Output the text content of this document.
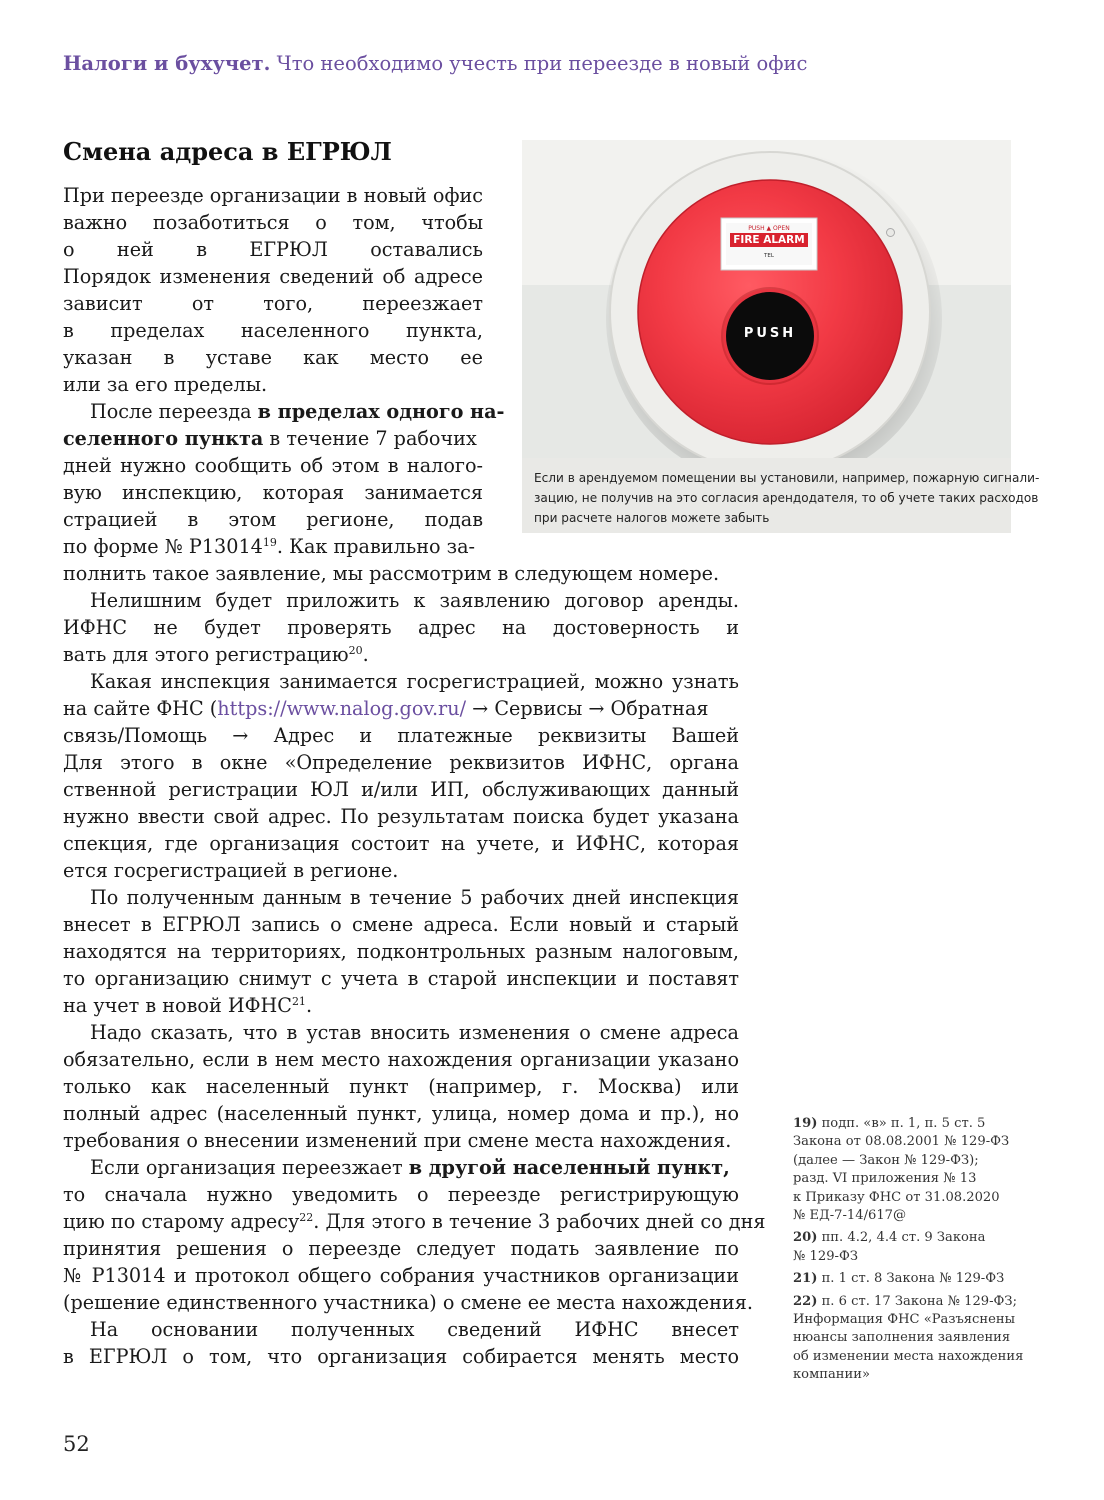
Налоги и бухучет. Что необходимо учесть при переезде в новый офис
Смена адреса в ЕГРЮЛ
PUSH ▲ OPEN
FIRE ALARM
TEL
PUSH
Если в арендуемом помещении вы установили, например, пожарную сигнали-
зацию, не получив на это согласия арендодателя, то об учете таких расходов
при расчете налогов можете забыть
При переезде организации в новый офис
важно позаботиться о том, чтобы
о ней в ЕГРЮЛ оставались
Порядок изменения сведений об адресе
зависит от того, переезжает
в пределах населенного пункта,
указан в уставе как место ее
или за его пределы.
После переезда в пределах одного на-
селенного пункта в течение 7 рабочих
дней нужно сообщить об этом в налого-
вую инспекцию, которая занимается
страцией в этом регионе, подав
по форме № Р13014$^{19}$. Как правильно за-
полнить такое заявление, мы рассмотрим в следующем номере.
Нелишним будет приложить к заявлению договор аренды.
ИФНС не будет проверять адрес на достоверность и
вать для этого регистрацию$^{20}$.
Какая инспекция занимается госрегистрацией, можно узнать
на сайте ФНС (https://www.nalog.gov.ru/ → Сервисы → Обратная
связь/Помощь → Адрес и платежные реквизиты Вашей
Для этого в окне «Определение реквизитов ИФНС, органа
ственной регистрации ЮЛ и/или ИП, обслуживающих данный
нужно ввести свой адрес. По результатам поиска будет указана
спекция, где организация состоит на учете, и ИФНС, которая
ется госрегистрацией в регионе.
По полученным данным в течение 5 рабочих дней инспекция
внесет в ЕГРЮЛ запись о смене адреса. Если новый и старый
находятся на территориях, подконтрольных разным налоговым,
то организацию снимут с учета в старой инспекции и поставят
на учет в новой ИФНС$^{21}$.
Надо сказать, что в устав вносить изменения о смене адреса
обязательно, если в нем место нахождения организации указано
только как населенный пункт (например, г. Москва) или
полный адрес (населенный пункт, улица, номер дома и пр.), но
требования о внесении изменений при смене места нахождения.
Если организация переезжает в другой населенный пункт,
то сначала нужно уведомить о переезде регистрирующую
цию по старому адресу$^{22}$. Для этого в течение 3 рабочих дней со дня
принятия решения о переезде следует подать заявление по
№ Р13014 и протокол общего собрания участников организации
(решение единственного участника) о смене ее места нахождения.
На основании полученных сведений ИФНС внесет
в ЕГРЮЛ о том, что организация собирается менять место
19) подп. «в» п. 1, п. 5 ст. 5
Закона от 08.08.2001 № 129-ФЗ
(далее — Закон № 129-ФЗ);
разд. VI приложения № 13
к Приказу ФНС от 31.08.2020
№ ЕД-7-14/617@
20) пп. 4.2, 4.4 ст. 9 Закона
№ 129-ФЗ
21) п. 1 ст. 8 Закона № 129-ФЗ
22) п. 6 ст. 17 Закона № 129-ФЗ;
Информация ФНС «Разъяснены
нюансы заполнения заявления
об изменении места нахождения
компании»
52
